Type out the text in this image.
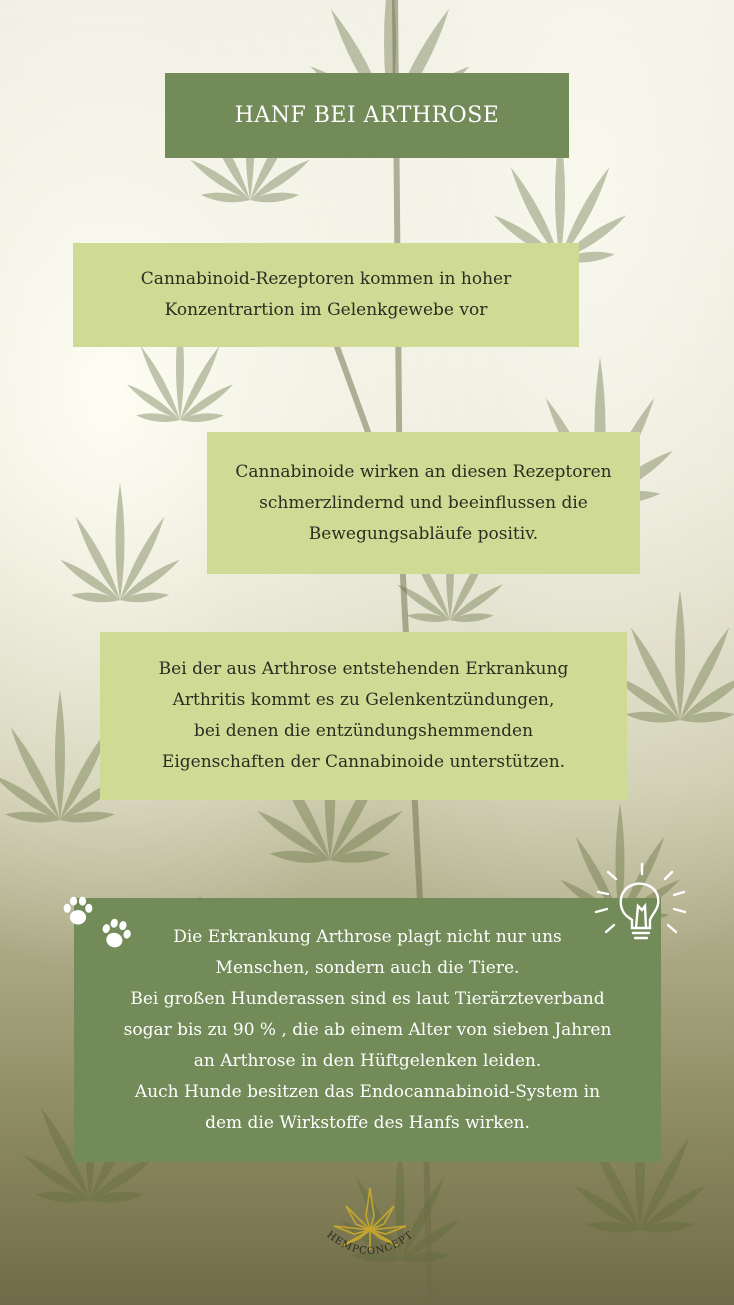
HANF BEI ARTHROSE
Cannabinoid-Rezeptoren kommen in hoher
Konzentrartion im Gelenkgewebe vor
Cannabinoide wirken an diesen Rezeptoren
schmerzlindernd und beeinflussen die
Bewegungsabläufe positiv.
Bei der aus Arthrose entstehenden Erkrankung
Arthritis kommt es zu Gelenkentzündungen,
bei denen die entzündungshemmenden
Eigenschaften der Cannabinoide unterstützen.
Die Erkrankung Arthrose plagt nicht nur uns
Menschen, sondern auch die Tiere.
Bei großen Hunderassen sind es laut Tierärzteverband
sogar bis zu 90 % , die ab einem Alter von sieben Jahren
an Arthrose in den Hüftgelenken leiden.
Auch Hunde besitzen das Endocannabinoid-System in
dem die Wirkstoffe des Hanfs wirken.
HEMPCONCEPT
